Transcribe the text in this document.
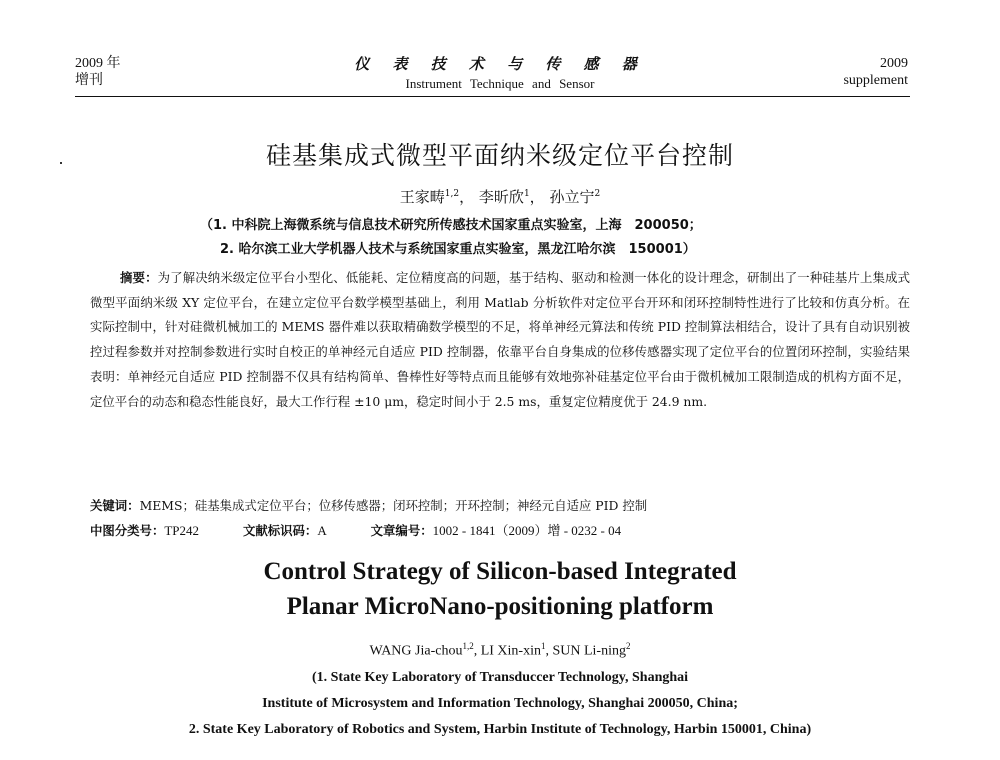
2009 年
增刊
仪 表 技 术 与 传 感 器
Instrument Technique and Sensor
2009
supplement
硅基集成式微型平面纳米级定位平台控制
王家畴$^{1,2}$， 李昕欣$^1$， 孙立宁$^2$
（1. 中科院上海微系统与信息技术研究所传感技术国家重点实验室，上海　200050；
2. 哈尔滨工业大学机器人技术与系统国家重点实验室，黑龙江哈尔滨　150001）

摘要：为了解决纳米级定位平台小型化、低能耗、定位精度高的问题，基于结构、驱动和检测一体化的设计理念，研制出了一种硅基片上集成式微型平面纳米级 XY 定位平台，在建立定位平台数学模型基础上，利用 Matlab 分析软件对定位平台开环和闭环控制特性进行了比较和仿真分析。在实际控制中，针对硅微机械加工的 MEMS 器件难以获取精确数学模型的不足，将单神经元算法和传统 PID 控制算法相结合，设计了具有自动识别被控过程参数并对控制参数进行实时自校正的单神经元自适应 PID 控制器，依靠平台自身集成的位移传感器实现了定位平台的位置闭环控制，实验结果表明：单神经元自适应 PID 控制器不仅具有结构简单、鲁棒性好等特点而且能够有效地弥补硅基定位平台由于微机械加工限制造成的机构方面不足，定位平台的动态和稳态性能良好，最大工作行程 ±10 μm，稳定时间小于 2.5 ms，重复定位精度优于 24.9 nm.

关键词：MEMS；硅基集成式定位平台；位移传感器；闭环控制；开环控制；神经元自适应 PID 控制
中图分类号：TP242	文献标识码：A	文章编号：1002 - 1841（2009）增 - 0232 - 04
Control Strategy of Silicon-based Integrated
Planar MicroNano-positioning platform
WANG Jia-chou$^{1,2}$, LI Xin-xin$^1$, SUN Li-ning$^2$
(1. State Key Laboratory of Transduccer Technology, Shanghai
Institute of Microsystem and Information Technology, Shanghai 200050, China;
2. State Key Laboratory of Robotics and System, Harbin Institute of Technology, Harbin 150001, China)
